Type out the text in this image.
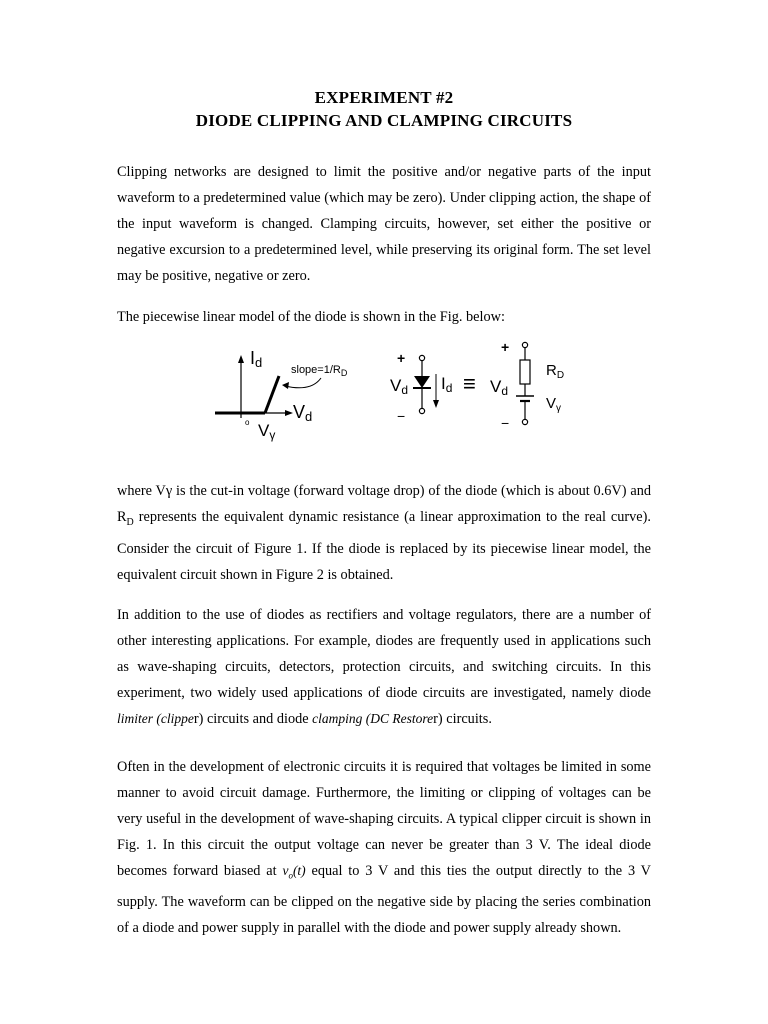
EXPERIMENT #2
DIODE CLIPPING AND CLAMPING CIRCUITS
Clipping networks are designed to limit the positive and/or negative parts of the input waveform to a predetermined value (which may be zero). Under clipping action, the shape of the input waveform is changed. Clamping circuits, however, set either the positive or negative excursion to a predetermined level, while preserving its original form. The set level may be positive, negative or zero.
The piecewise linear model of the diode is shown in the Fig. below:
Id
Vd
o Vγ
$slope=1/R_D$
+
−
Vd Id ≡
+
−
Vd
$R_D$
$V_\gamma$
where Vγ is the cut-in voltage (forward voltage drop) of the diode (which is about 0.6V) and $R_D$ represents the equivalent dynamic resistance (a linear approximation to the real curve). Consider the circuit of Figure 1. If the diode is replaced by its piecewise linear model, the equivalent circuit shown in Figure 2 is obtained.
In addition to the use of diodes as rectifiers and voltage regulators, there are a number of other interesting applications. For example, diodes are frequently used in applications such as wave-shaping circuits, detectors, protection circuits, and switching circuits. In this experiment, two widely used applications of diode circuits are investigated, namely diode limiter (clipper) circuits and diode clamping (DC Restorer) circuits.
Often in the development of electronic circuits it is required that voltages be limited in some manner to avoid circuit damage. Furthermore, the limiting or clipping of voltages can be very useful in the development of wave-shaping circuits. A typical clipper circuit is shown in Fig. 1. In this circuit the output voltage can never be greater than 3 V. The ideal diode becomes forward biased at $v_o(t)$ equal to 3 V and this ties the output directly to the 3 V supply. The waveform can be clipped on the negative side by placing the series combination of a diode and power supply in parallel with the diode and power supply already shown.
